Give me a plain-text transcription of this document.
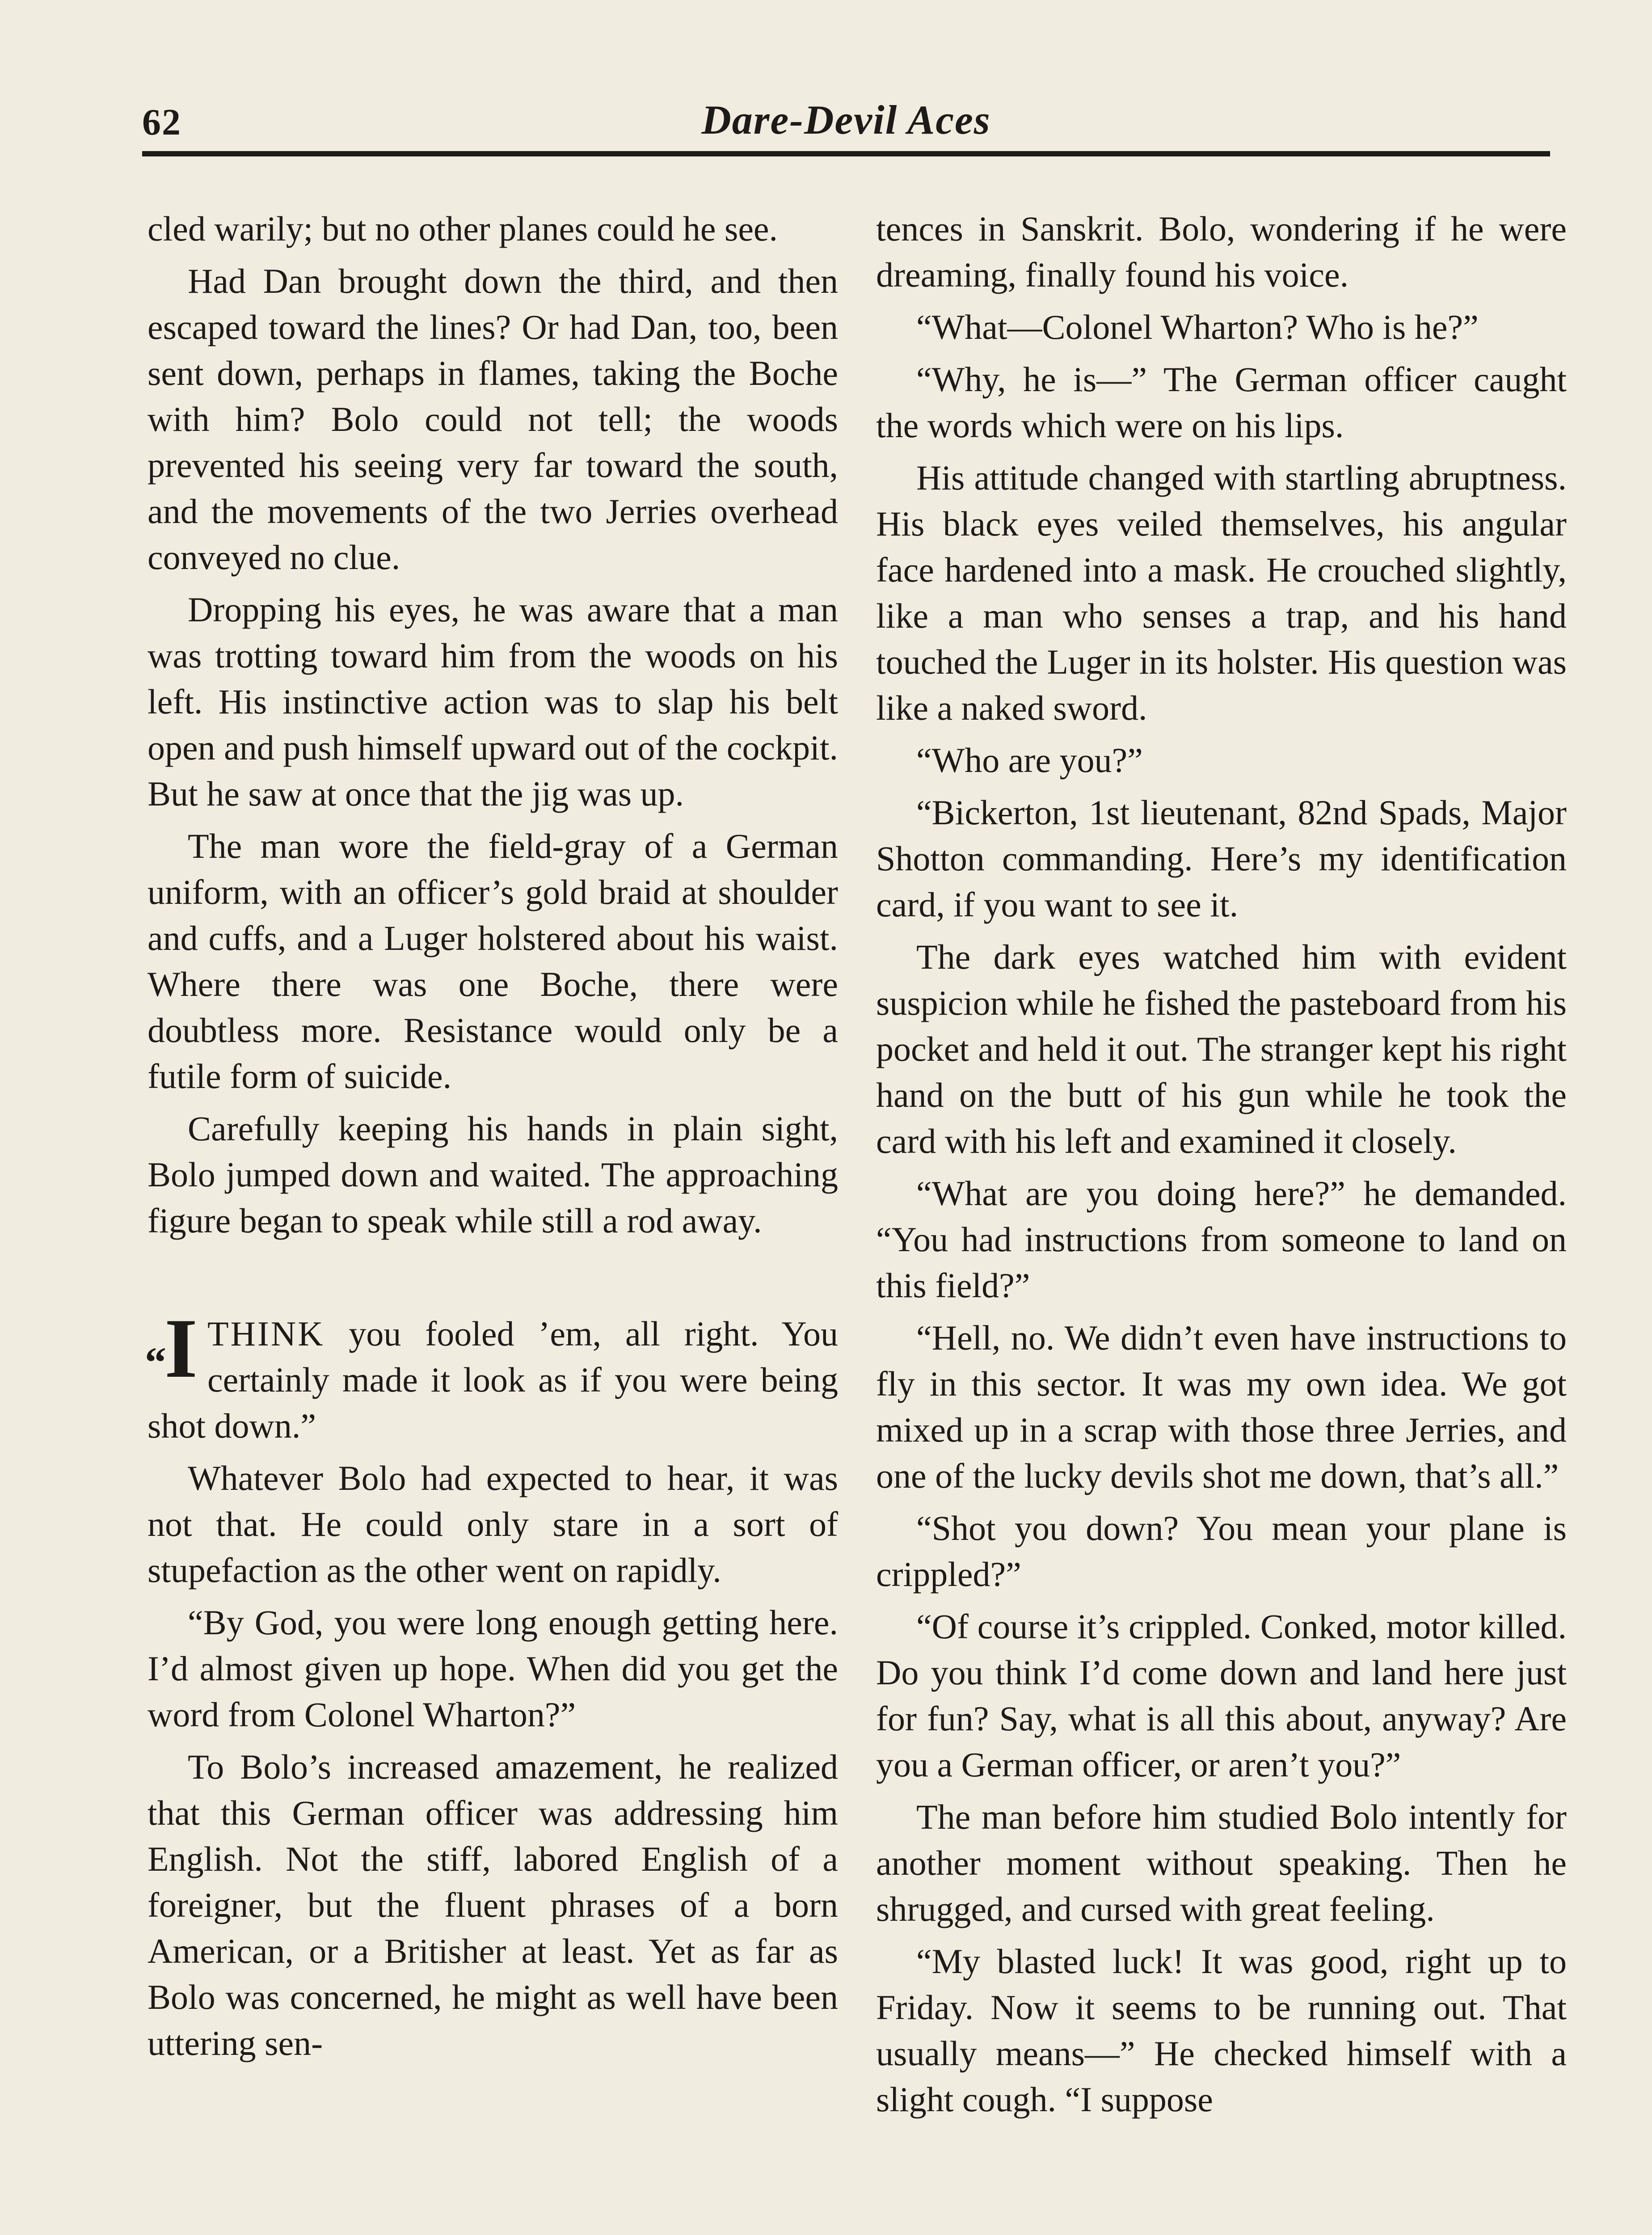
62	Dare-Devil Aces

cled warily; but no other planes could he see.

Had Dan brought down the third, and then escaped toward the lines? Or had Dan, too, been sent down, perhaps in flames, taking the Boche with him? Bolo could not tell; the woods prevented his seeing very far toward the south, and the movements of the two Jerries overhead conveyed no clue.

Dropping his eyes, he was aware that a man was trotting toward him from the woods on his left. His instinctive action was to slap his belt open and push himself upward out of the cockpit. But he saw at once that the jig was up.

The man wore the field-gray of a German uniform, with an officer’s gold braid at shoulder and cuffs, and a Luger holstered about his waist. Where there was one Boche, there were doubtless more. Resistance would only be a futile form of suicide.

Carefully keeping his hands in plain sight, Bolo jumped down and waited. The approaching figure began to speak while still a rod away.

“I THINK you fooled ’em, all right. You certainly made it look as if you were being shot down.”

Whatever Bolo had expected to hear, it was not that. He could only stare in a sort of stupefaction as the other went on rapidly.

“By God, you were long enough getting here. I’d almost given up hope. When did you get the word from Colonel Wharton?”

To Bolo’s increased amazement, he realized that this German officer was addressing him English. Not the stiff, labored English of a foreigner, but the fluent phrases of a born American, or a Britisher at least. Yet as far as Bolo was concerned, he might as well have been uttering sen-

tences in Sanskrit. Bolo, wondering if he were dreaming, finally found his voice.

“What—Colonel Wharton? Who is he?”

“Why, he is—” The German officer caught the words which were on his lips.

His attitude changed with startling abruptness. His black eyes veiled themselves, his angular face hardened into a mask. He crouched slightly, like a man who senses a trap, and his hand touched the Luger in its holster. His question was like a naked sword.

“Who are you?”

“Bickerton, 1st lieutenant, 82nd Spads, Major Shotton commanding. Here’s my identification card, if you want to see it.

The dark eyes watched him with evident suspicion while he fished the pasteboard from his pocket and held it out. The stranger kept his right hand on the butt of his gun while he took the card with his left and examined it closely.

“What are you doing here?” he demanded. “You had instructions from someone to land on this field?”

“Hell, no. We didn’t even have instructions to fly in this sector. It was my own idea. We got mixed up in a scrap with those three Jerries, and one of the lucky devils shot me down, that’s all.”

“Shot you down? You mean your plane is crippled?”

“Of course it’s crippled. Conked, motor killed. Do you think I’d come down and land here just for fun? Say, what is all this about, anyway? Are you a German officer, or aren’t you?”

The man before him studied Bolo intently for another moment without speaking. Then he shrugged, and cursed with great feeling.

“My blasted luck! It was good, right up to Friday. Now it seems to be running out. That usually means—” He checked himself with a slight cough. “I suppose
